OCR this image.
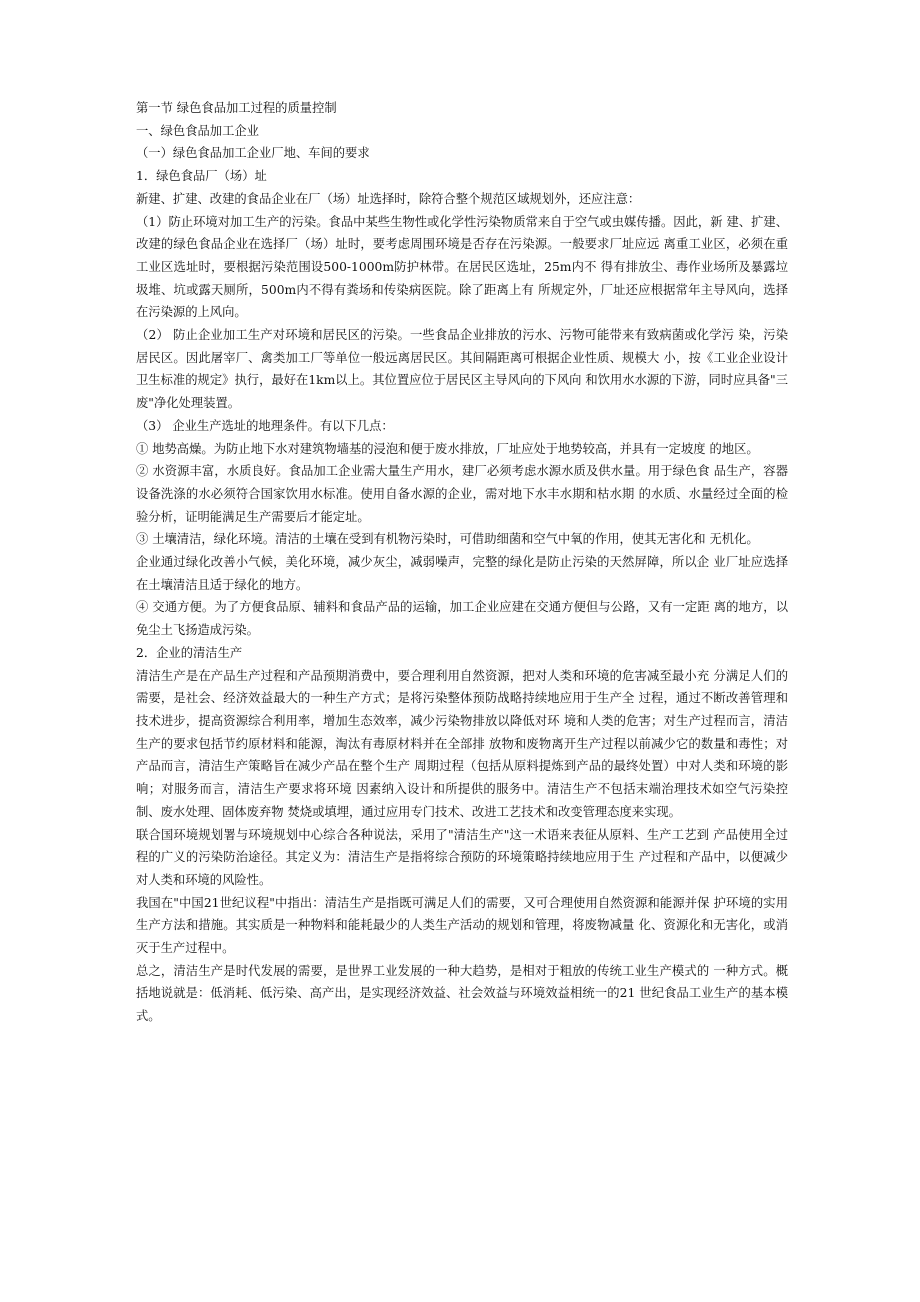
第一节 绿色食品加工过程的质量控制

一、绿色食品加工企业

（一）绿色食品加工企业厂地、车间的要求

1．绿色食品厂（场）址

新建、扩建、改建的食品企业在厂（场）址选择时，除符合整个规范区域规划外，还应注意：

（1）防止环境对加工生产的污染。食品中某些生物性或化学性污染物质常来自于空气或虫媒传播。因此，新 建、扩建、改建的绿色食品企业在选择厂（场）址时，要考虑周围环境是否存在污染源。一般要求厂址应远 离重工业区，必须在重工业区选址时，要根据污染范围设500-1000m防护林带。在居民区选址，25m内不 得有排放尘、毒作业场所及暴露垃圾堆、坑或露天厕所，500m内不得有粪场和传染病医院。除了距离上有 所规定外，厂址还应根据常年主导风向，选择在污染源的上风向。

（2） 防止企业加工生产对环境和居民区的污染。一些食品企业排放的污水、污物可能带来有致病菌或化学污 染，污染居民区。因此屠宰厂、禽类加工厂等单位一般远离居民区。其间隔距离可根据企业性质、规模大 小，按《工业企业设计卫生标准的规定》执行，最好在1km以上。其位置应位于居民区主导风向的下风向 和饮用水水源的下游，同时应具备"三废"净化处理装置。

（3） 企业生产选址的地理条件。有以下几点：

① 地势高燥。为防止地下水对建筑物墙基的浸泡和便于废水排放，厂址应处于地势较高，并具有一定坡度 的地区。

② 水资源丰富，水质良好。食品加工企业需大量生产用水，建厂必须考虑水源水质及供水量。用于绿色食 品生产，容器设备洗涤的水必须符合国家饮用水标准。使用自备水源的企业，需对地下水丰水期和枯水期 的水质、水量经过全面的检验分析，证明能满足生产需要后才能定址。

③ 土壤清洁，绿化环境。清洁的土壤在受到有机物污染时，可借助细菌和空气中氧的作用，使其无害化和 无机化。

企业通过绿化改善小气候，美化环境，减少灰尘，减弱噪声，完整的绿化是防止污染的天然屏障，所以企 业厂址应选择在土壤清洁且适于绿化的地方。

④ 交通方便。为了方便食品原、辅料和食品产品的运输，加工企业应建在交通方便但与公路，又有一定距 离的地方，以免尘土飞扬造成污染。

2．企业的清洁生产

清洁生产是在产品生产过程和产品预期消费中，要合理利用自然资源，把对人类和环境的危害减至最小充 分满足人们的需要，是社会、经济效益最大的一种生产方式；是将污染整体预防战略持续地应用于生产全 过程，通过不断改善管理和技术进步，提高资源综合利用率，增加生态效率，减少污染物排放以降低对环 境和人类的危害；对生产过程而言，清洁生产的要求包括节约原材料和能源，淘汰有毒原材料并在全部排 放物和废物离开生产过程以前减少它的数量和毒性；对产品而言，清洁生产策略旨在减少产品在整个生产 周期过程（包括从原料提炼到产品的最终处置）中对人类和环境的影响；对服务而言，清洁生产要求将环境 因素纳入设计和所提供的服务中。清洁生产不包括末端治理技术如空气污染控制、废水处理、固体废弃物 焚烧或填埋，通过应用专门技术、改进工艺技术和改变管理态度来实现。

联合国环境规划署与环境规划中心综合各种说法，采用了"清洁生产"这一术语来表征从原料、生产工艺到 产品使用全过程的广义的污染防治途径。其定义为：清洁生产是指将综合预防的环境策略持续地应用于生 产过程和产品中，以便减少对人类和环境的风险性。

我国在"中国21世纪议程"中指出：清洁生产是指既可满足人们的需要，又可合理使用自然资源和能源并保 护环境的实用生产方法和措施。其实质是一种物料和能耗最少的人类生产活动的规划和管理，将废物减量 化、资源化和无害化，或消灭于生产过程中。

总之，清洁生产是时代发展的需要，是世界工业发展的一种大趋势，是相对于粗放的传统工业生产模式的 一种方式。概括地说就是：低消耗、低污染、高产出，是实现经济效益、社会效益与环境效益相统一的21 世纪食品工业生产的基本模式。
